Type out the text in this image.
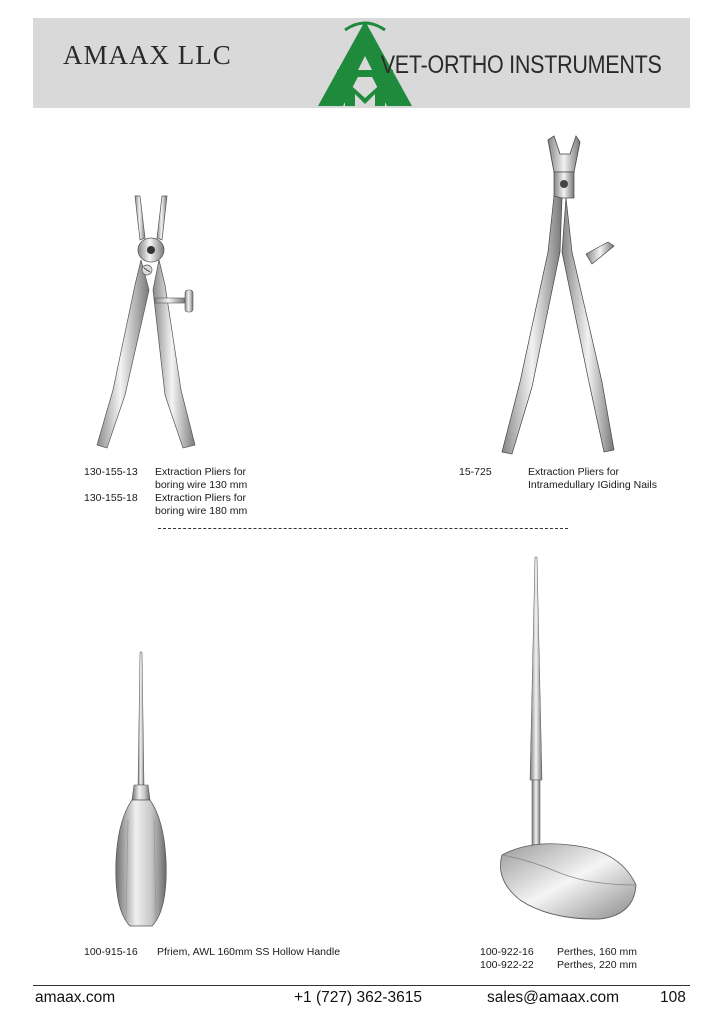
AMAAX LLC	VET-ORTHO INSTRUMENTS
130-155-13 Extraction Pliers for
boring wire 130 mm
130-155-18 Extraction Pliers for
boring wire 180 mm
15-725	Extraction Pliers for
Intramedullary IGiding Nails
100-915-16 Pfriem, AWL 160mm SS Hollow Handle	100-922-16 Perthes, 160 mm
100-922-22 Perthes, 220 mm
amaax.com	+1 (727) 362-3615	sales@amaax.com	108
